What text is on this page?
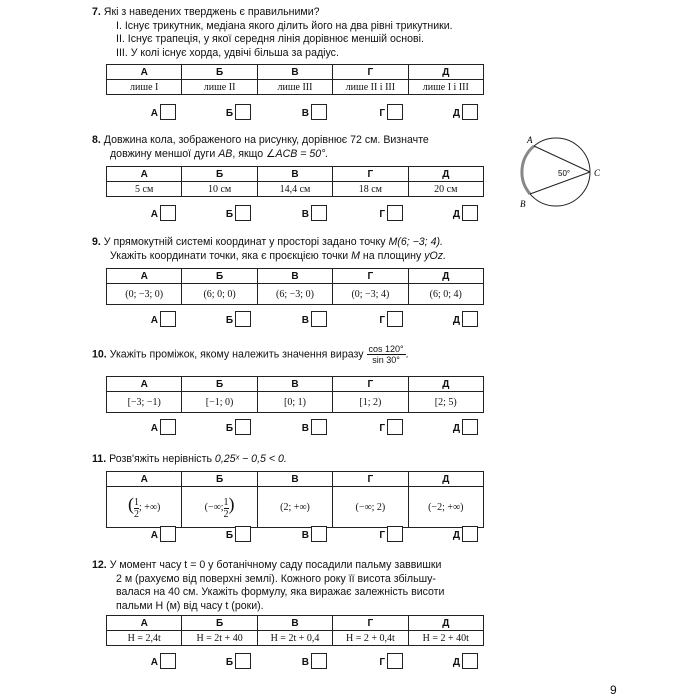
7. Які з наведених тверджень є правильними?
I. Існує трикутник, медіана якого ділить його на два рівні трикутники.
II. Існує трапеція, у якої середня лінія дорівнює меншій основі.
III. У колі існує хорда, удвічі більша за радіус.
А	Б	В	Г	Д
лише І	лише ІІ	лише ІІІ	лише ІІ і ІІІ	лише І і ІІІ
А	Б	В	Г	Д
8. Довжина кола, зображеного на рисунку, дорівнює 72 см. Визначте
довжину меншої дуги AB, якщо ∠ACB = 50°.
A
B
C
50°
А	Б	В	Г	Д
5 см	10 см	14,4 см	18 см	20 см
А	Б	В	Г	Д
9. У прямокутній системі координат у просторі задано точку M(6; −3; 4).
Укажіть координати точки, яка є проєкцією точки M на площину yOz.
А	Б	В	Г	Д
(0; −3; 0)	(6; 0; 0)	(6; −3; 0)	(0; −3; 4)	(6; 0; 4)
А	Б	В	Г	Д
10. Укажіть проміжок, якому належить значення виразу $\frac{\cos 120^\circ}{\sin 30^\circ}$ .
А	Б	В	Г	Д
[−3; −1)	[−1; 0)	[0; 1)	[1; 2)	[2; 5)
А	Б	В	Г	Д
11. Розв'яжіть нерівність 0,25ˣ − 0,5 < 0.
А	Б	В	Г	Д
( $\frac{1}{2}$ ; +∞)	(−∞; $\frac{1}{2}$ )	(2; +∞)	(−∞; 2)	(−2; +∞)
А	Б	В	Г	Д
12. У момент часу t = 0 у ботанічному саду посадили пальму заввишки
2 м (рахуємо від поверхні землі). Кожного року її висота збільшу-
валася на 40 см. Укажіть формулу, яка виражає залежність висоти
пальми H (м) від часу t (роки).
А	Б	В	Г	Д
H = 2,4t	H = 2t + 40	H = 2t + 0,4	H = 2 + 0,4t	H = 2 + 40t
А	Б	В	Г	Д
9
